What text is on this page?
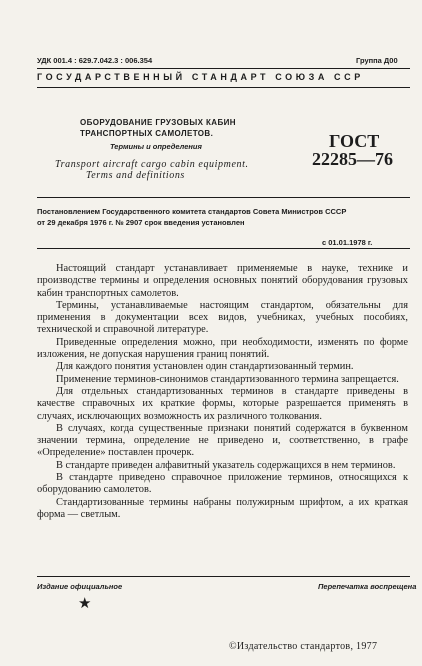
УДК 001.4 : 629.7.042.3 : 006.354	Группа Д00
ГОСУДАРСТВЕННЫЙ СТАНДАРТ СОЮЗА ССР
ОБОРУДОВАНИЕ ГРУЗОВЫХ КАБИН
ТРАНСПОРТНЫХ САМОЛЕТОВ.
Термины и определения
Transport aircraft cargo cabin equipment.
Terms and definitions
ГОСТ
22285—76
Постановлением Государственного комитета стандартов Совета Министров СССР
от 29 декабря 1976 г. № 2907 срок введения установлен
с 01.01.1978 г.

Настоящий стандарт устанавливает применяемые в науке, технике и производстве термины и определения основных понятий оборудования грузовых кабин транспортных самолетов.

Термины, устанавливаемые настоящим стандартом, обязательны для применения в документации всех видов, учебниках, учебных пособиях, технической и справочной литературе.

Приведенные определения можно, при необходимости, изменять по форме изложения, не допуская нарушения границ понятий.

Для каждого понятия установлен один стандартизованный термин.

Применение терминов-синонимов стандартизованного термина запрещается.

Для отдельных стандартизованных терминов в стандарте приведены в качестве справочных их краткие формы, которые разрешается применять в случаях, исключающих возможность их различного толкования.

В случаях, когда существенные признаки понятий содержатся в буквенном значении термина, определение не приведено и, соответственно, в графе «Определение» поставлен прочерк.

В стандарте приведен алфавитный указатель содержащихся в нем терминов.

В стандарте приведено справочное приложение терминов, относящихся к оборудованию самолетов.

Стандартизованные термины набраны полужирным шрифтом, а их краткая форма — светлым.

Издание официальное	Перепечатка воспрещена
★
©Издательство стандартов, 1977
